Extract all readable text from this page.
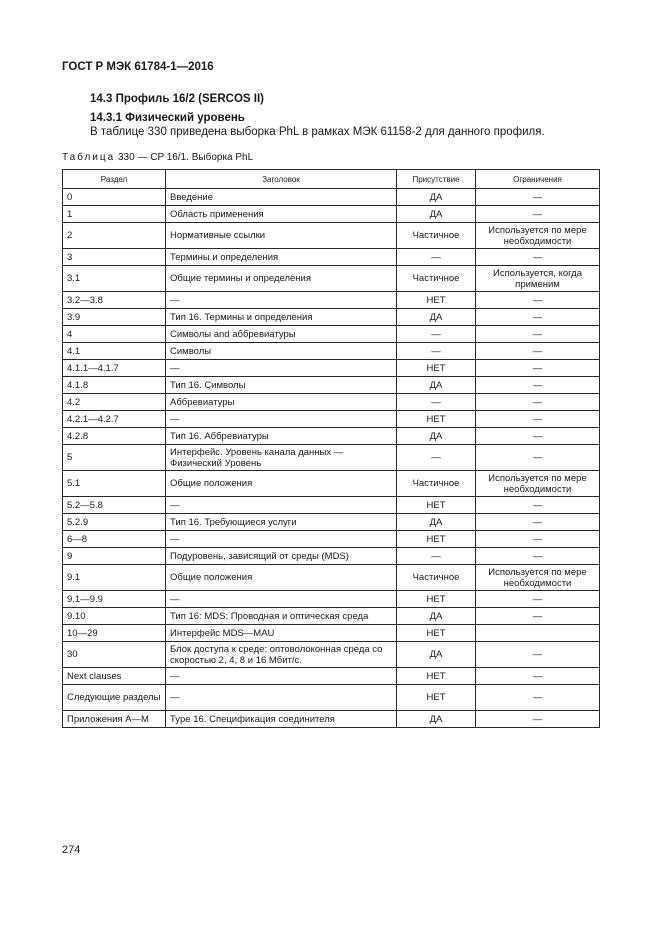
ГОСТ Р МЭК 61784-1—2016
14.3 Профиль 16/2 (SERCOS II)
14.3.1 Физический уровень
В таблице 330 приведена выборка PhL в рамках МЭК 61158-2 для данного профиля.
Таблица 330 — CP 16/1. Выборка PhL
Раздел	Заголовок	Присутствие	Ограничения
0	Введение	ДА	—
1	Область применения	ДА	—
2	Нормативные ссылки	Частичное	Используется по мере необходимости
3	Термины и определения	—	—
3.1	Общие термины и определения	Частичное	Используется, когда применим
3.2—3.8	—	НЕТ	—
3.9	Тип 16. Термины и определения	ДА	—
4	Символы and аббревиатуры	—	—
4.1	Символы	—	—
4.1.1—4.1.7	—	НЕТ	—
4.1.8	Тип 16. Символы	ДА	—
4.2	Аббревиатуры	—	—
4.2.1—4.2.7	—	НЕТ	—
4.2.8	Тип 16. Аббревиатуры	ДА	—
5	Интерфейс. Уровень канала данных — Физический Уровень	—	—
5.1	Общие положения	Частичное	Используется по мере необходимости
5.2—5.8	—	НЕТ	—
5.2.9	Тип 16. Требующиеся услуги	ДА	—
6—8	—	НЕТ	—
9	Подуровень, зависящий от среды (MDS)	—	—
9.1	Общие положения	Частичное	Используется по мере необходимости
9.1—9.9	—	НЕТ	—
9.10	Тип 16: MDS: Проводная и оптическая среда	ДА	—
10—29	Интерфейс MDS—MAU	НЕТ	
30	Блок доступа к среде: оптоволоконная среда со скоростью 2, 4, 8 и 16 Мбит/с.	ДА	—
Next clauses	—	НЕТ	—
Следующие разделы	—	НЕТ	—
Приложения А—М	Type 16. Спецификация соединителя	ДА	—
274
